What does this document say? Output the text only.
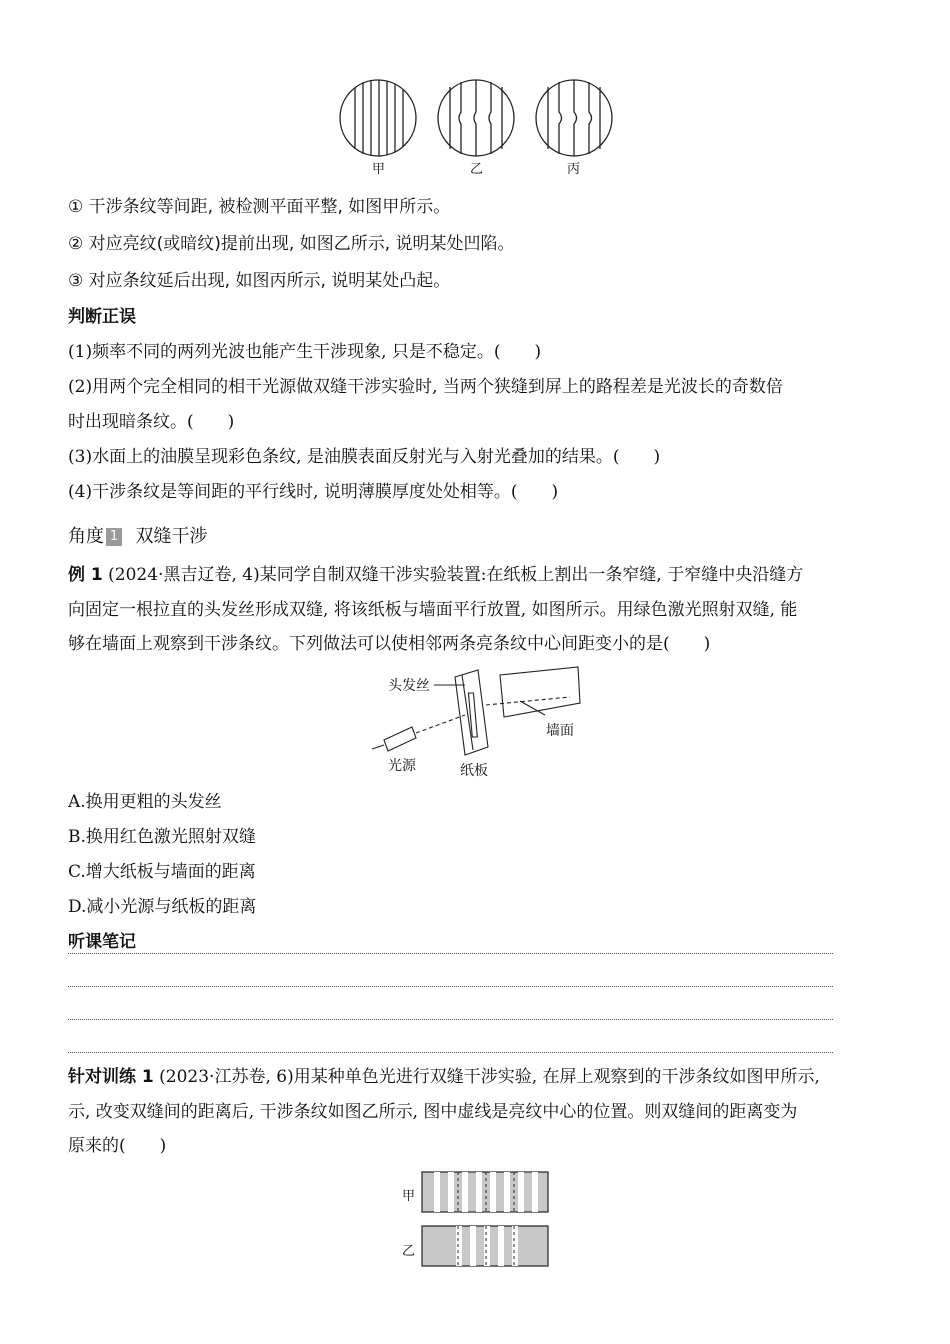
甲	乙	丙
① 干涉条纹等间距, 被检测平面平整, 如图甲所示。
② 对应亮纹(或暗纹)提前出现, 如图乙所示, 说明某处凹陷。
③ 对应条纹延后出现, 如图丙所示, 说明某处凸起。
判断正误
(1)频率不同的两列光波也能产生干涉现象, 只是不稳定。(　　)
(2)用两个完全相同的相干光源做双缝干涉实验时, 当两个狭缝到屏上的路程差是光波长的奇数倍
时出现暗条纹。(　　)
(3)水面上的油膜呈现彩色条纹, 是油膜表面反射光与入射光叠加的结果。(　　)
(4)干涉条纹是等间距的平行线时, 说明薄膜厚度处处相等。(　　)
角度 1 双缝干涉
例 1 (2024·黑吉辽卷, 4)某同学自制双缝干涉实验装置:在纸板上割出一条窄缝, 于窄缝中央沿缝方
向固定一根拉直的头发丝形成双缝, 将该纸板与墙面平行放置, 如图所示。用绿色激光照射双缝, 能
够在墙面上观察到干涉条纹。下列做法可以使相邻两条亮条纹中心间距变小的是(　　)
头发丝
墙面
光源	纸板
A.换用更粗的头发丝
B.换用红色激光照射双缝
C.增大纸板与墙面的距离
D.减小光源与纸板的距离
听课笔记
针对训练 1 (2023·江苏卷, 6)用某种单色光进行双缝干涉实验, 在屏上观察到的干涉条纹如图甲所示,
示, 改变双缝间的距离后, 干涉条纹如图乙所示, 图中虚线是亮纹中心的位置。则双缝间的距离变为
原来的(　　)
甲
乙
